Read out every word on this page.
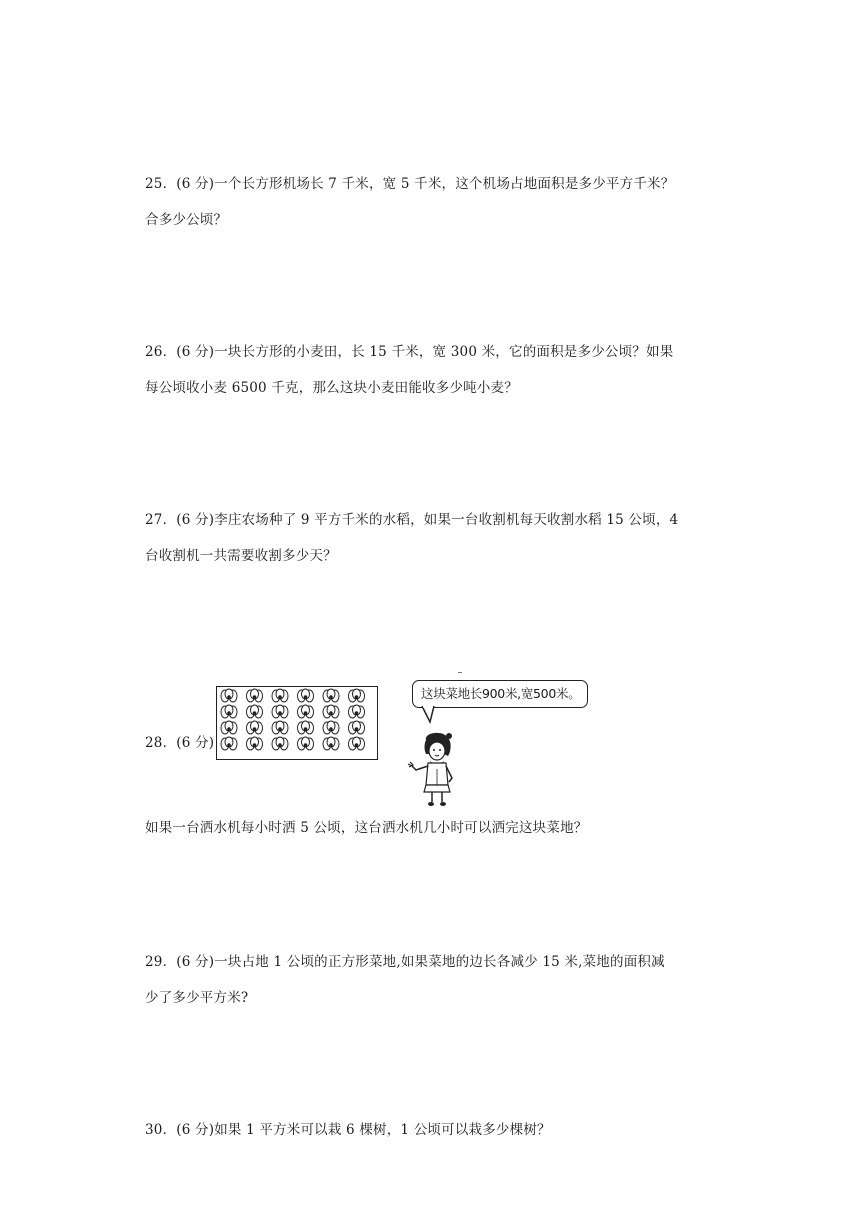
25．(6 分)一个长方形机场长 7 千米，宽 5 千米，这个机场占地面积是多少平方千米？
合多少公顷？
26．(6 分)一块长方形的小麦田，长 15 千米，宽 300 米，它的面积是多少公顷？如果
每公顷收小麦 6500 千克，那么这块小麦田能收多少吨小麦？
27．(6 分)李庄农场种了 9 平方千米的水稻，如果一台收割机每天收割水稻 15 公顷，4
台收割机一共需要收割多少天？
28．(6 分)
这块菜地长900米,宽500米。
如果一台洒水机每小时洒 5 公顷，这台洒水机几小时可以洒完这块菜地？
29．(6 分)一块占地 1 公顷的正方形菜地,如果菜地的边长各减少 15 米,菜地的面积减
少了多少平方米?
30．(6 分)如果 1 平方米可以栽 6 棵树，1 公顷可以栽多少棵树？
